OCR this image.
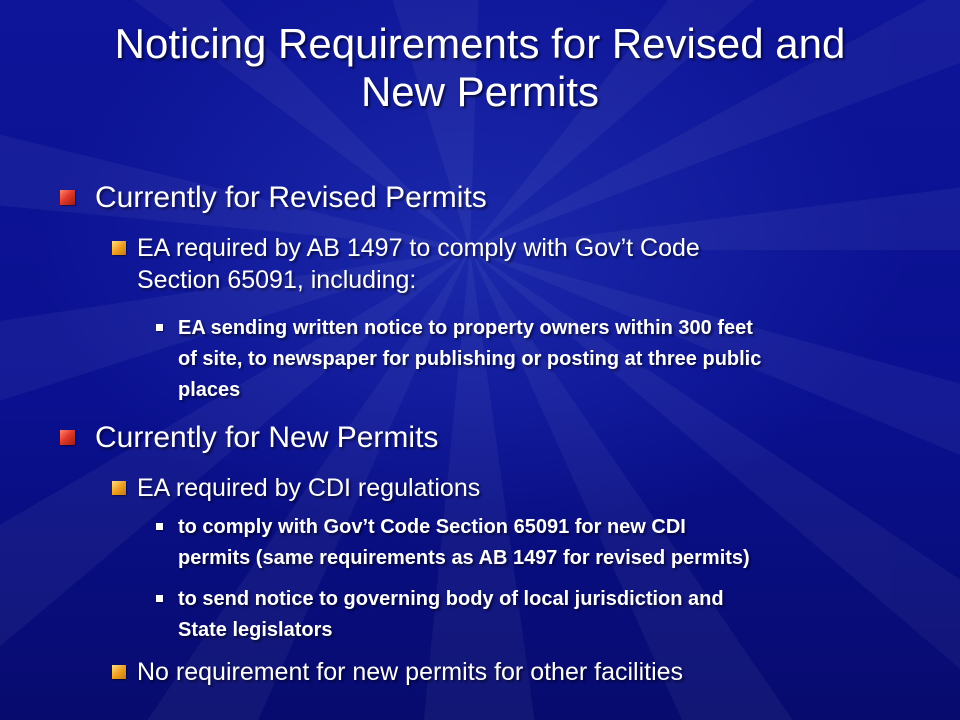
Noticing Requirements for Revised and
New Permits
Currently for Revised Permits
EA required by AB 1497 to comply with Gov’t Code
Section 65091, including:
EA sending written notice to property owners within 300 feet
of site, to newspaper for publishing or posting at three public
places
Currently for New Permits
EA required by CDI regulations
to comply with Gov’t Code Section 65091 for new CDI
permits (same requirements as AB 1497 for revised permits)
to send notice to governing body of local jurisdiction and
State legislators
No requirement for new permits for other facilities
